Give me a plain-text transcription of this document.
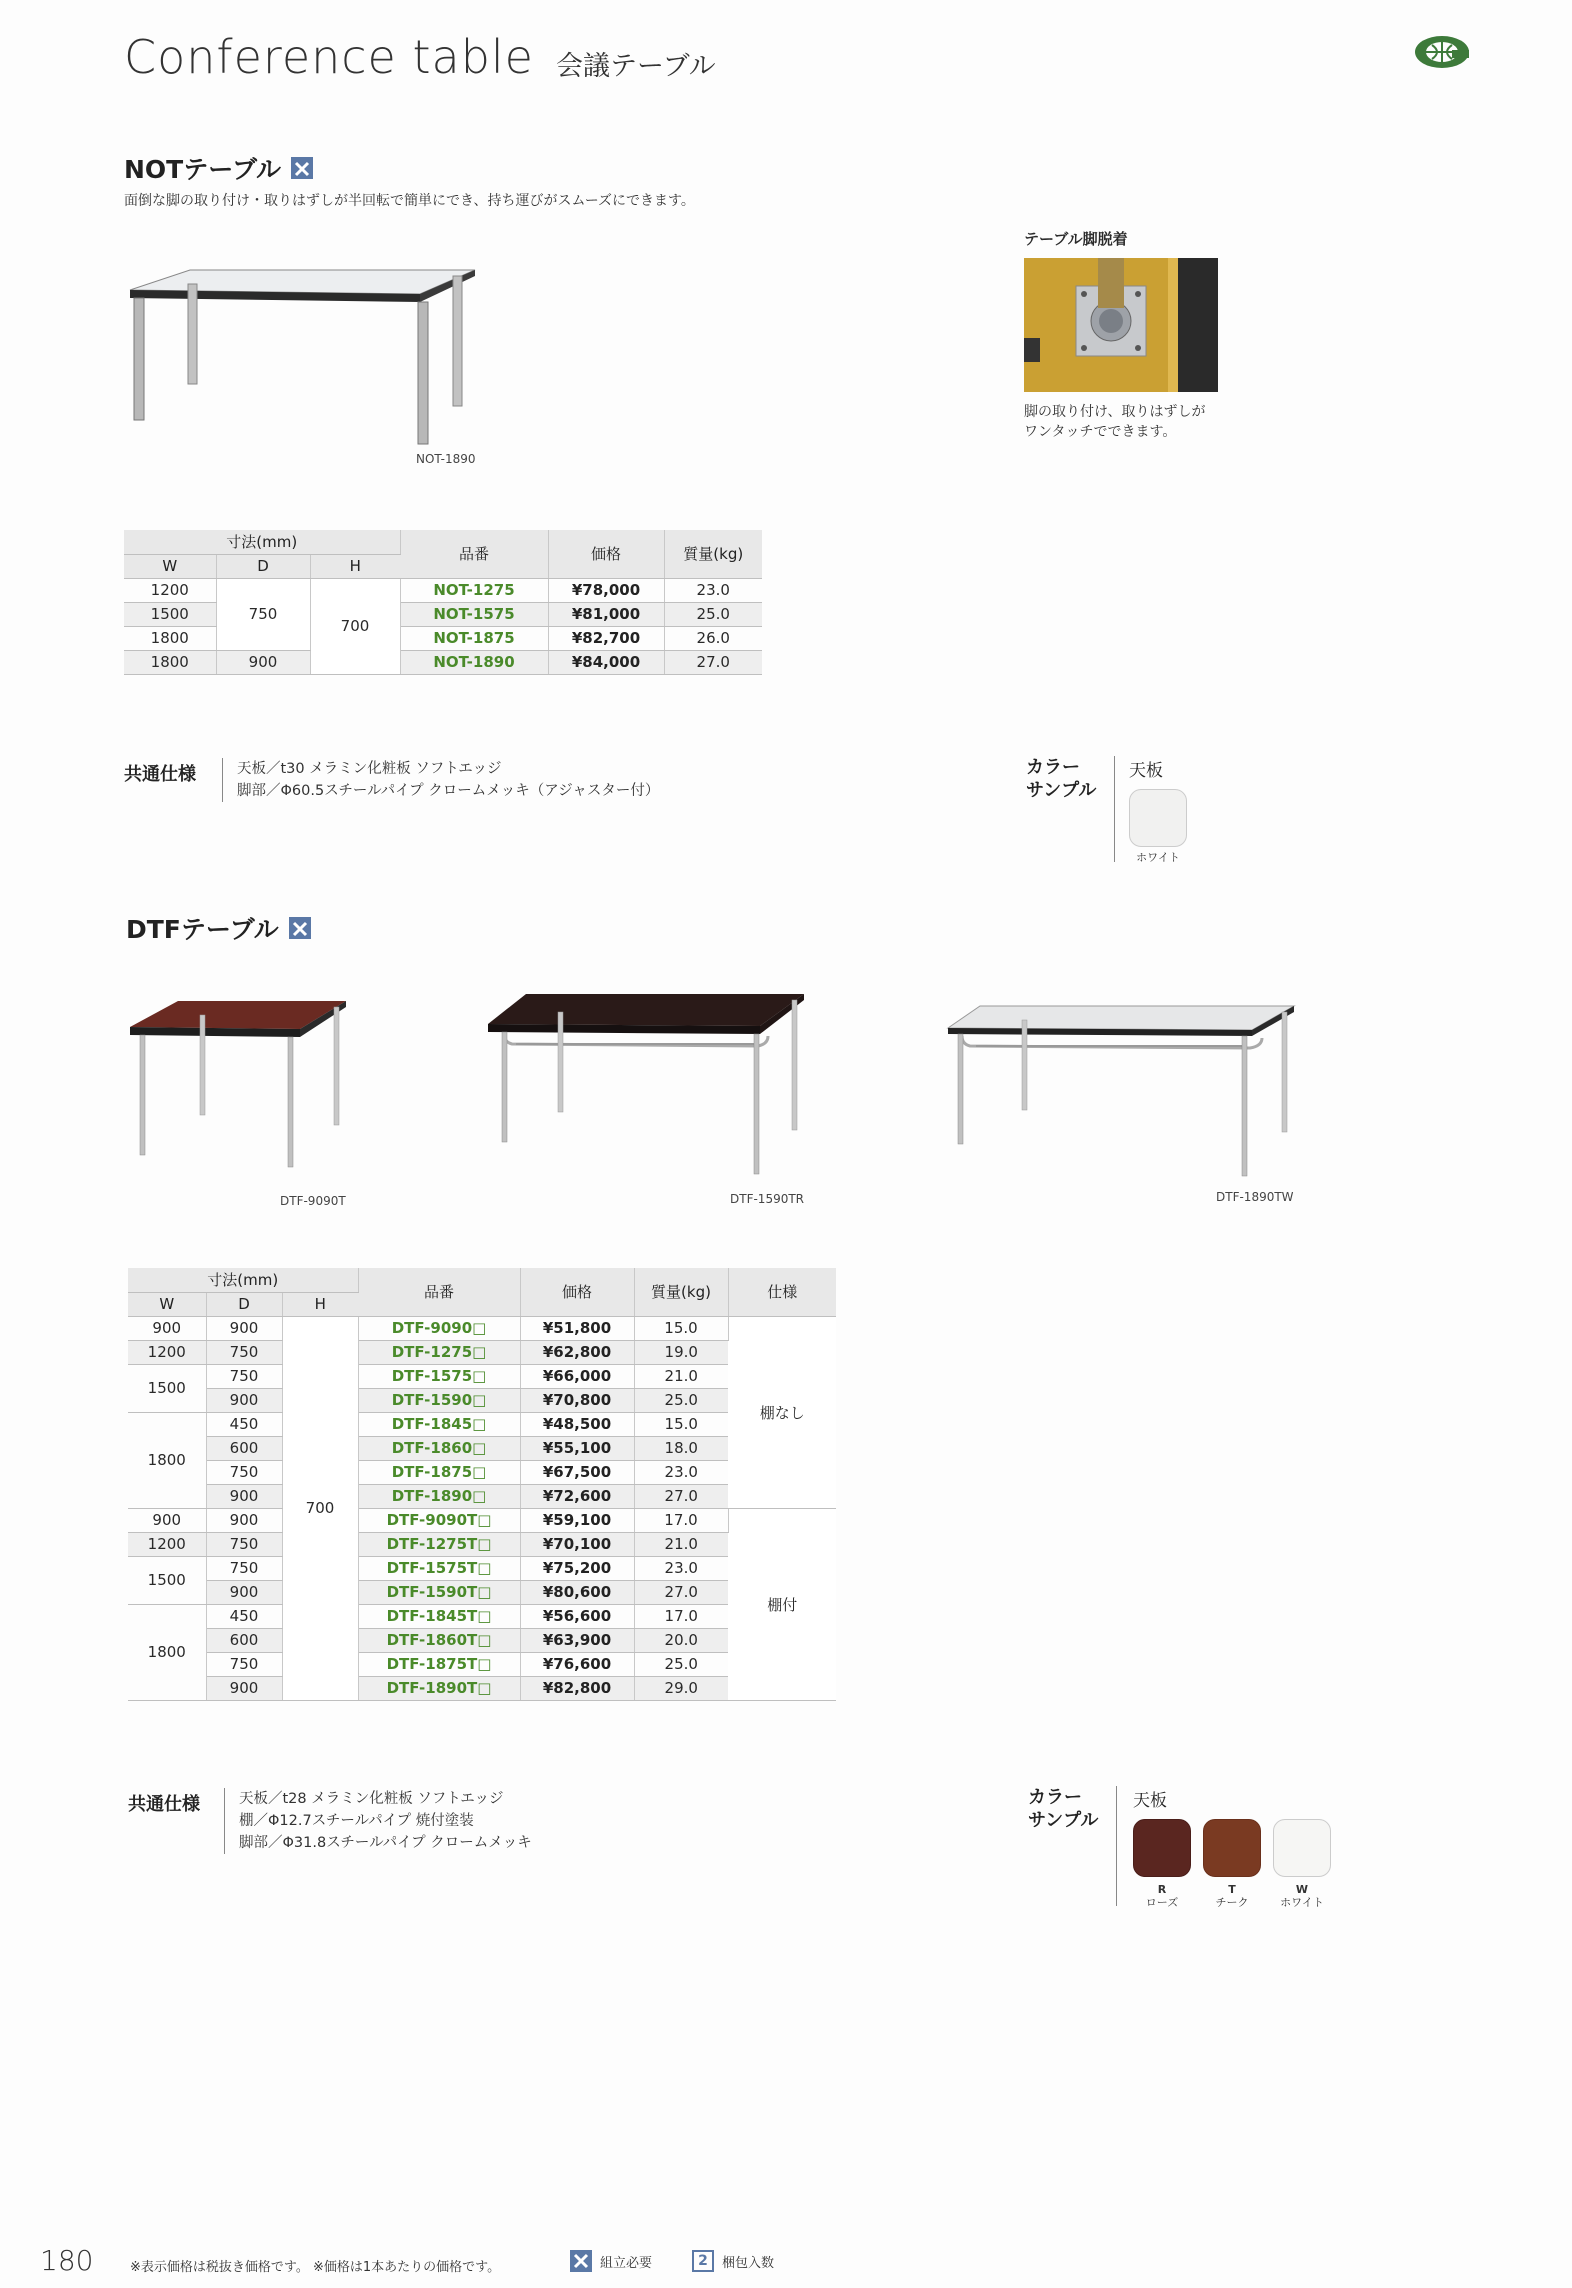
Conference table 会議テーブル
NOTテーブル
面倒な脚の取り付け・取りはずしが半回転で簡単にでき、持ち運びがスムーズにできます。
NOT-1890
テーブル脚脱着
脚の取り付け、取りはずしが
ワンタッチでできます。
寸法(mm)			品番	価格	質量(kg)
W	D	H			
1200	750	700	NOT-1275	¥78,000	23.0
1500			NOT-1575	¥81,000	25.0
1800			NOT-1875	¥82,700	26.0
1800	900		NOT-1890	¥84,000	27.0
共通仕様	天板／t30 メラミン化粧板 ソフトエッジ
脚部／Φ60.5スチールパイプ クロームメッキ（アジャスター付）
カラー
サンプル
天板
ホワイト
DTFテーブル
DTF-9090T	DTF-1590TR	DTF-1890TW
寸法(mm)			品番	価格	質量(kg)	仕様
W	D	H				
900	900	700	DTF-9090□	¥51,800	15.0	棚なし
1200	750		DTF-1275□	¥62,800	19.0	
1500	750		DTF-1575□	¥66,000	21.0	
	900		DTF-1590□	¥70,800	25.0	
1800	450		DTF-1845□	¥48,500	15.0	
	600		DTF-1860□	¥55,100	18.0	
	750		DTF-1875□	¥67,500	23.0	
	900		DTF-1890□	¥72,600	27.0	
900	900		DTF-9090T□	¥59,100	17.0	棚付
1200	750		DTF-1275T□	¥70,100	21.0	
1500	750		DTF-1575T□	¥75,200	23.0	
	900		DTF-1590T□	¥80,600	27.0	
1800	450		DTF-1845T□	¥56,600	17.0	
	600		DTF-1860T□	¥63,900	20.0	
	750		DTF-1875T□	¥76,600	25.0	
	900		DTF-1890T□	¥82,800	29.0	
共通仕様	天板／t28 メラミン化粧板 ソフトエッジ
棚／Φ12.7スチールパイプ 焼付塗装
脚部／Φ31.8スチールパイプ クロームメッキ
カラー
サンプル
天板
R
ローズ
T
チーク
W
ホワイト
180	※表示価格は税抜き価格です。 ※価格は1本あたりの価格です。	組立必要	2	梱包入数
